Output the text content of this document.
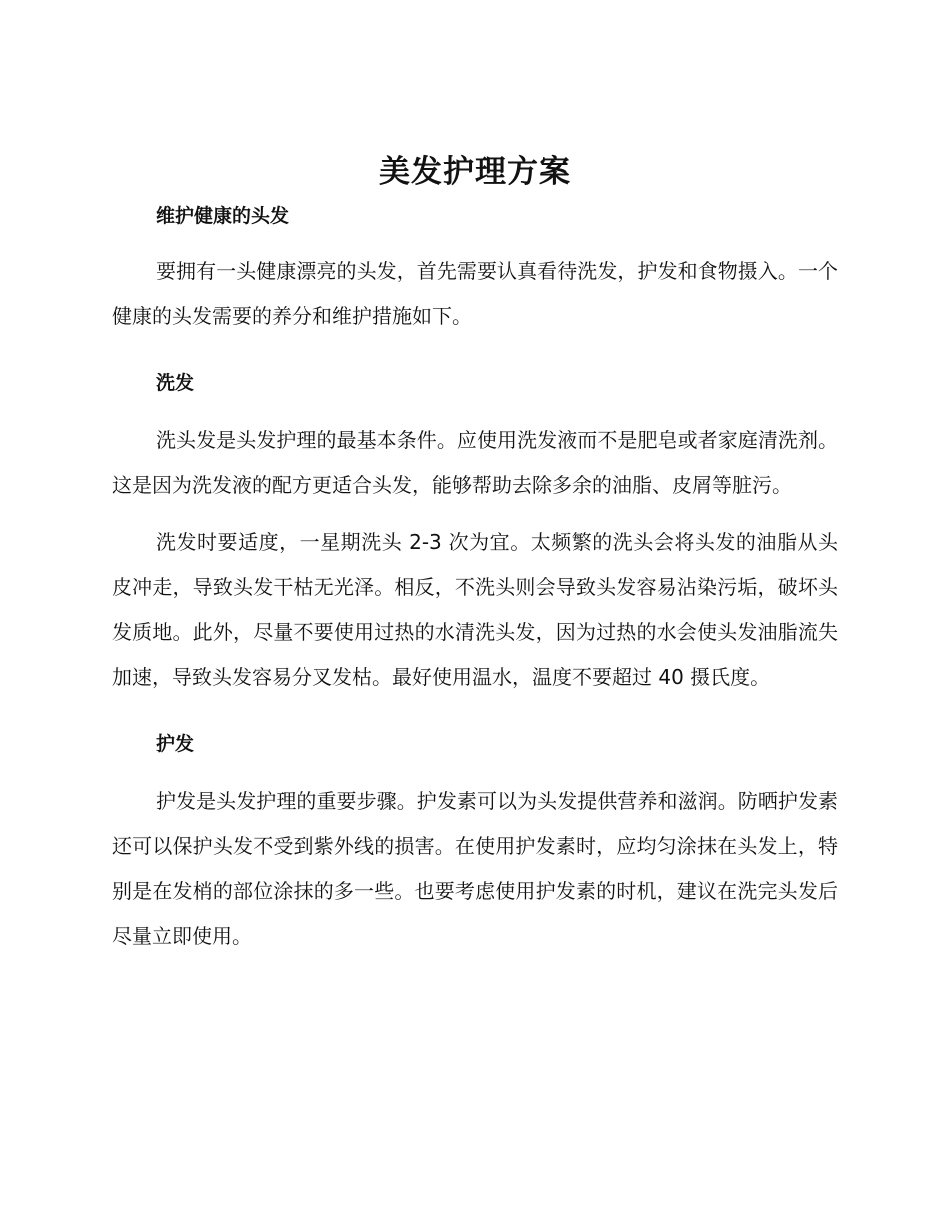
美发护理方案
维护健康的头发

要拥有一头健康漂亮的头发，首先需要认真看待洗发，护发和食物摄入。一个健康的头发需要的养分和维护措施如下。

洗发

洗头发是头发护理的最基本条件。应使用洗发液而不是肥皂或者家庭清洗剂。这是因为洗发液的配方更适合头发，能够帮助去除多余的油脂、皮屑等脏污。

洗发时要适度，一星期洗头 2-3 次为宜。太频繁的洗头会将头发的油脂从头皮冲走，导致头发干枯无光泽。相反，不洗头则会导致头发容易沾染污垢，破坏头发质地。此外，尽量不要使用过热的水清洗头发，因为过热的水会使头发油脂流失加速，导致头发容易分叉发枯。最好使用温水，温度不要超过 40 摄氏度。

护发

护发是头发护理的重要步骤。护发素可以为头发提供营养和滋润。防晒护发素还可以保护头发不受到紫外线的损害。在使用护发素时，应均匀涂抹在头发上，特别是在发梢的部位涂抹的多一些。也要考虑使用护发素的时机，建议在洗完头发后尽量立即使用。
